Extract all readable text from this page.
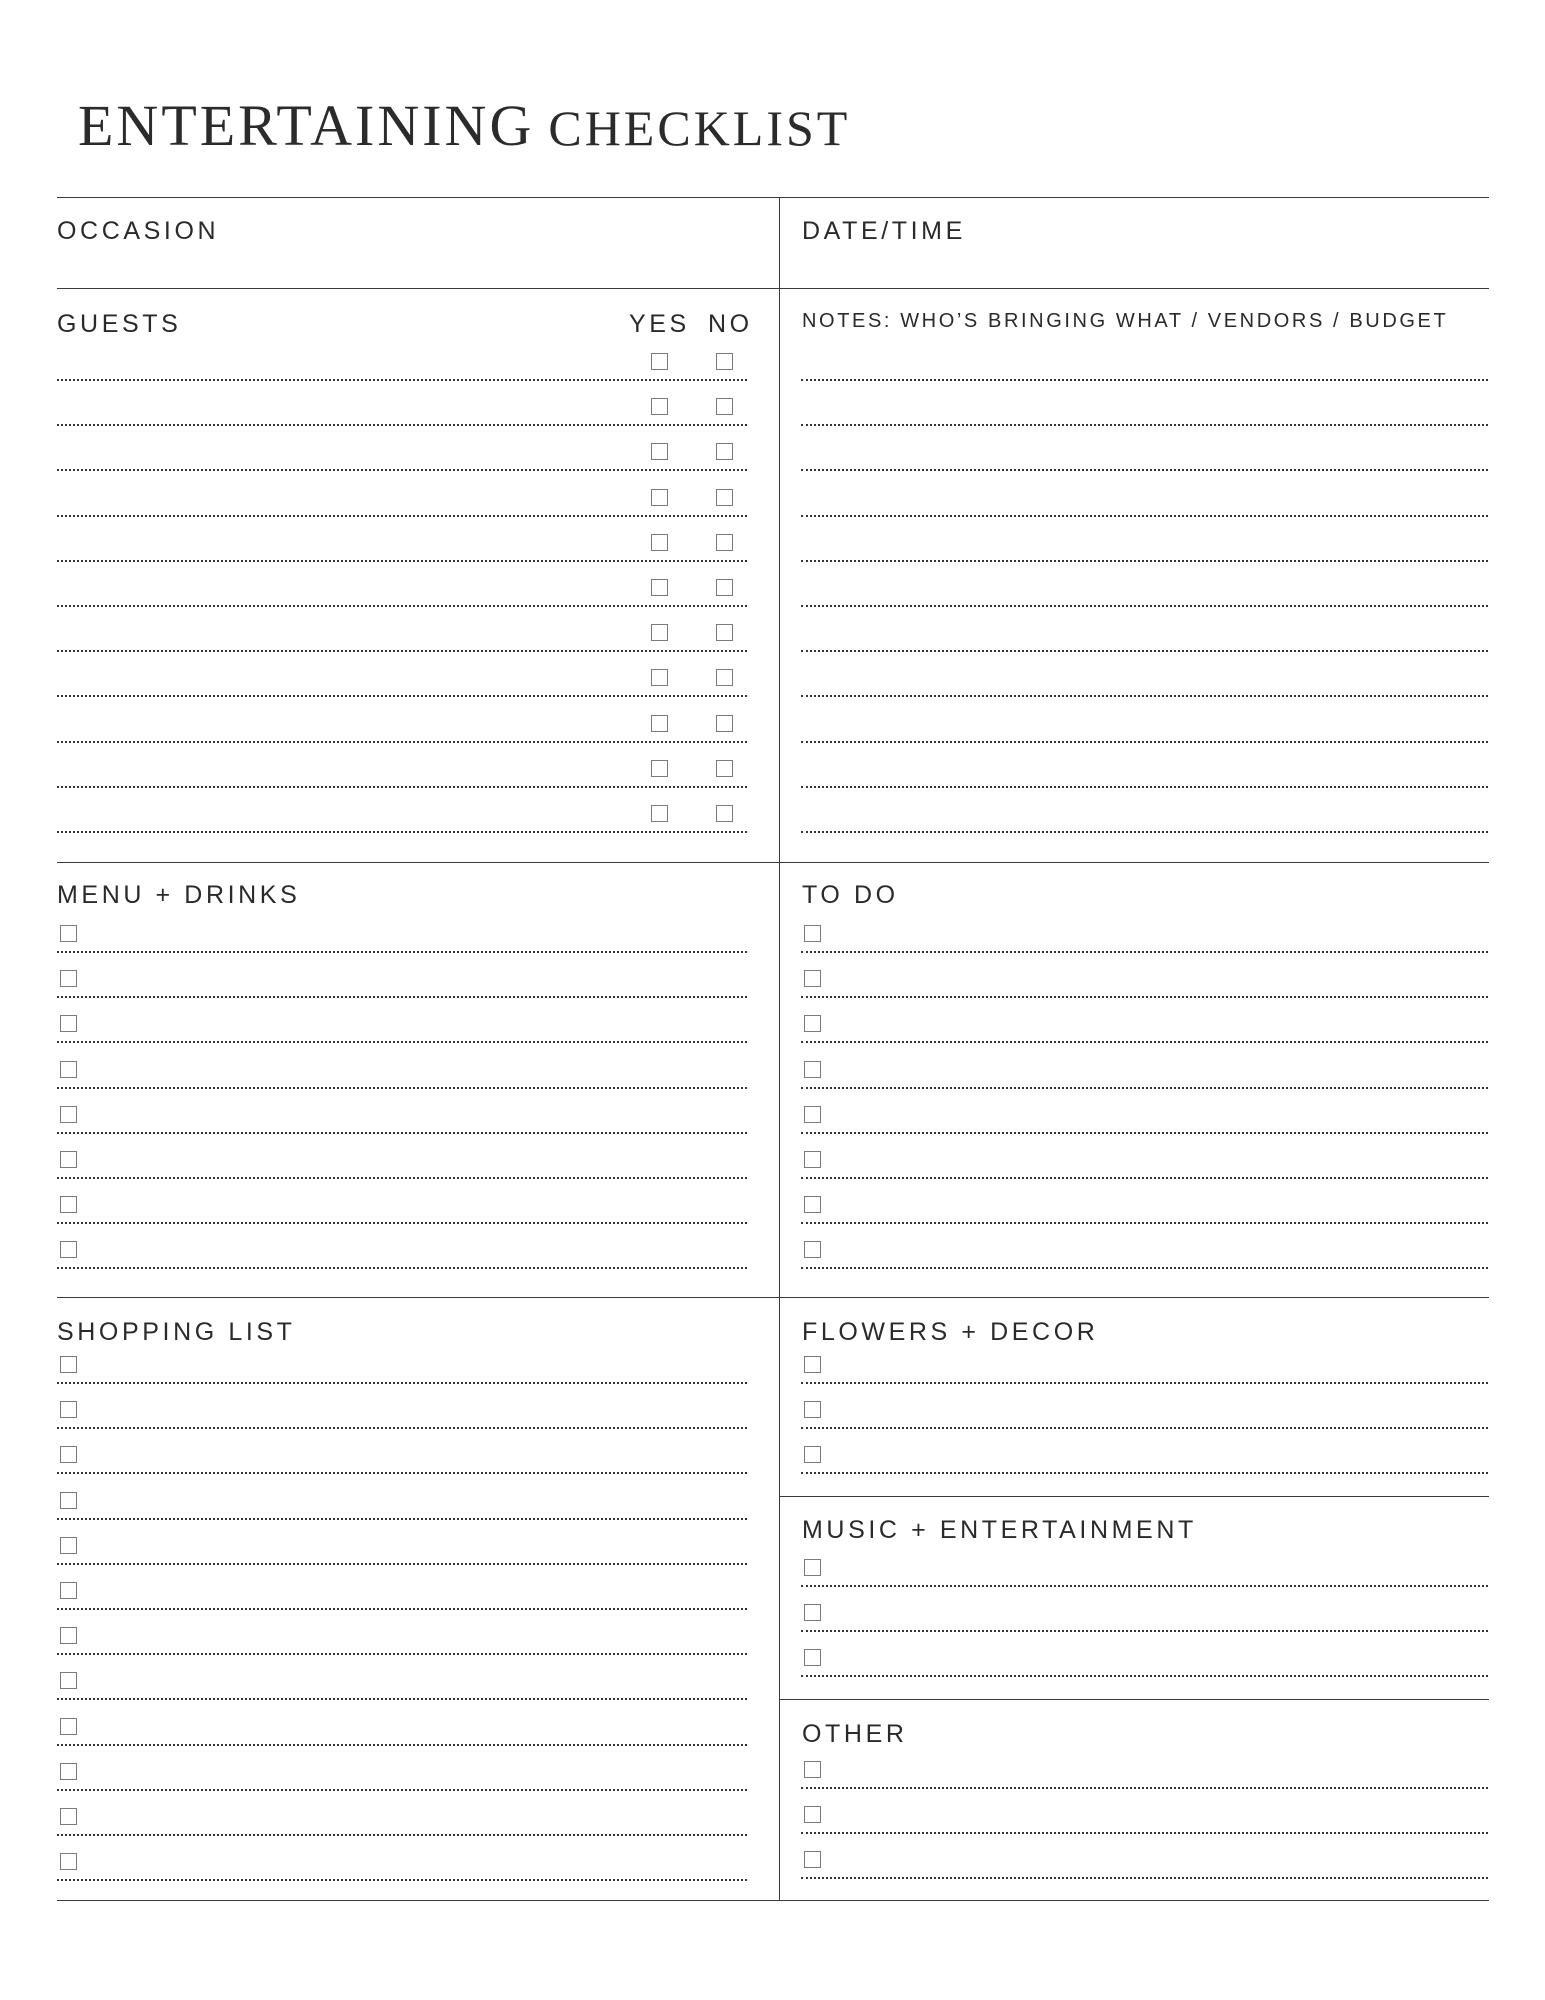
ENTERTAINING CHECKLIST
OCCASION	DATE/TIME
GUESTS	YES NO NOTES: WHO’S BRINGING WHAT / VENDORS / BUDGET
MENU + DRINKS	TO DO
SHOPPING LIST	FLOWERS + DECOR
MUSIC + ENTERTAINMENT
OTHER
